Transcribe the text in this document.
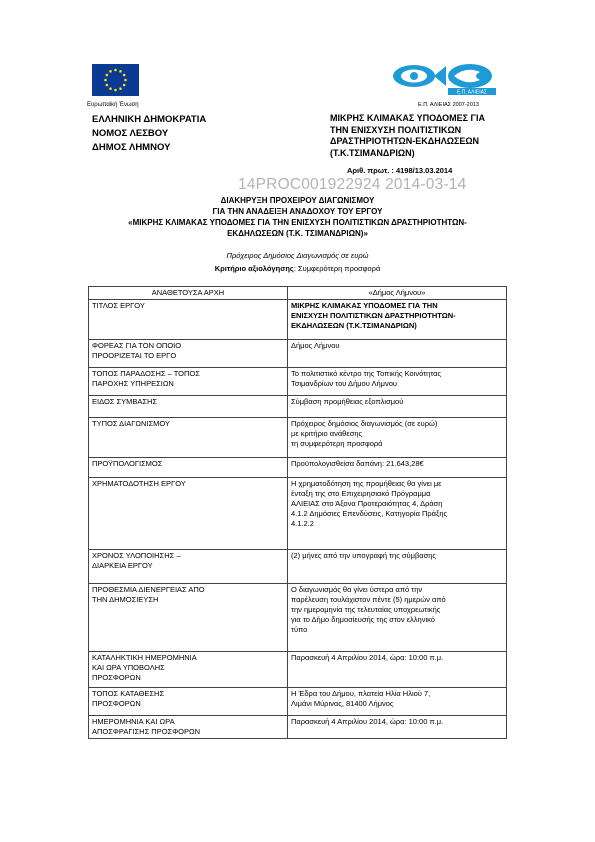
Ευρωπαϊκή Ένωση
ΕΛΛΗΝΙΚΗ ΔΗΜΟΚΡΑΤΙΑ
ΝΟΜΟΣ ΛΕΣΒΟΥ
ΔΗΜΟΣ ΛΗΜΝΟΥ
Ε.Π. ΑΛΙΕΙΑΣ
Ε.Π. ΑΛΙΕΙΑΣ 2007-2013
ΜΙΚΡΗΣ ΚΛΙΜΑΚΑΣ ΥΠΟΔΟΜΕΣ ΓΙΑ
ΤΗΝ ΕΝΙΣΧΥΣΗ ΠΟΛΙΤΙΣΤΙΚΩΝ
ΔΡΑΣΤΗΡΙΟΤΗΤΩΝ-ΕΚΔΗΛΩΣΕΩΝ
(Τ.Κ.ΤΣΙΜΑΝΔΡΙΩΝ)
Αριθ. πρωτ. : 4198/13.03.2014
14PROC001922924 2014-03-14
ΔΙΑΚΗΡΥΞΗ ΠΡΟΧΕΙΡΟΥ ΔΙΑΓΩΝΙΣΜΟΥ
ΓΙΑ ΤΗΝ ΑΝΑΔΕΙΞΗ ΑΝΑΔΟΧΟΥ ΤΟΥ ΕΡΓΟΥ
«ΜΙΚΡΗΣ ΚΛΙΜΑΚΑΣ ΥΠΟΔΟΜΕΣ ΓΙΑ ΤΗΝ ΕΝΙΣΧΥΣΗ ΠΟΛΙΤΙΣΤΙΚΩΝ ΔΡΑΣΤΗΡΙΟΤΗΤΩΝ-
ΕΚΔΗΛΩΣΕΩΝ (Τ.Κ. ΤΣΙΜΑΝΔΡΙΩΝ)»
Πρόχειρος Δημόσιος Διαγωνισμός σε ευρώ
Κριτήριο αξιολόγησης: Συμφερότερη προσφορά
ΑΝΑΘΕΤΟΥΣΑ ΑΡΧΗ	«Δήμος Λήμνου»

ΤΙΤΛΟΣ ΕΡΓΟΥ	ΜΙΚΡΗΣ ΚΛΙΜΑΚΑΣ ΥΠΟΔΟΜΕΣ ΓΙΑ ΤΗΝ
ΕΝΙΣΧΥΣΗ ΠΟΛΙΤΙΣΤΙΚΩΝ ΔΡΑΣΤΗΡΙΟΤΗΤΩΝ-
ΕΚΔΗΛΩΣΕΩΝ (Τ.Κ.ΤΣΙΜΑΝΔΡΙΩΝ)

ΦΟΡΕΑΣ ΓΙΑ ΤΟΝ ΟΠΟΙΟ
ΠΡΟΟΡΙΖΕΤΑΙ ΤΟ ΕΡΓΟ	Δήμος Λήμνου

ΤΟΠΟΣ ΠΑΡΑΔΟΣΗΣ – ΤΟΠΟΣ
ΠΑΡΟΧΗΣ ΥΠΗΡΕΣΙΩΝ	Το πολιτιστικό κέντρο της Τοπικής Κοινότητας
Τσιμανδρίων του Δήμου Λήμνου

ΕΙΔΟΣ ΣΥΜΒΑΣΗΣ	Σύμβαση προμήθειας εξοπλισμού

ΤΥΠΟΣ ΔΙΑΓΩΝΙΣΜΟΥ	Πρόχειρος δημόσιος διαγωνισμός (σε ευρώ)
με κριτήριο ανάθεσης
τη συμφερότερη προσφορά

ΠΡΟΫΠΟΛΟΓΙΣΜΟΣ	Προϋπολογισθείσα δαπάνη: 21.643,28€

ΧΡΗΜΑΤΟΔΟΤΗΣΗ ΕΡΓΟΥ	Η χρηματοδότηση της προμήθειας θα γίνει με
ένταξη της στο Επιχειρησιακό Πρόγραμμα
ΑΛΙΕΙΑΣ στο Άξονα Προτεραιότητας 4, Δράση
4.1.2 Δημόσιες Επενδύσεις, Κατηγορία Πράξης
4.1.2.2

ΧΡΟΝΟΣ ΥΛΟΠΟΙΗΣΗΣ –
ΔΙΑΡΚΕΙΑ ΕΡΓΟΥ	(2) μήνες από την υπογραφή της σύμβασης

ΠΡΟΘΕΣΜΙΑ ΔΙΕΝΕΡΓΕΙΑΣ ΑΠΟ
ΤΗΝ ΔΗΜΟΣΙΕΥΣΗ	Ο διαγωνισμός θα γίνει ύστερα από την
παρέλευση τουλάχιστον πέντε (5) ημερών από
την ημερομηνία της τελευταίας υποχρεωτικής
για το Δήμο δημοσίευσής της στον ελληνικό
τύπο

ΚΑΤΑΛΗΚΤΙΚΗ ΗΜΕΡΟΜΗΝΙΑ
ΚΑΙ ΩΡΑ ΥΠΟΒΟΛΗΣ
ΠΡΟΣΦΟΡΩΝ	Παρασκευή 4 Απριλίου 2014, ώρα: 10:00 π.μ.

ΤΟΠΟΣ ΚΑΤΑΘΕΣΗΣ
ΠΡΟΣΦΟΡΩΝ	Η Έδρα του Δήμου, πλατεία Ηλία Ηλιού 7,
Λιμάνι Μύρινας, 81400 Λήμνος

ΗΜΕΡΟΜΗΝΙΑ ΚΑΙ ΩΡΑ
ΑΠΟΣΦΡΑΓΙΣΗΣ ΠΡΟΣΦΟΡΩΝ	Παρασκευή 4 Απριλίου 2014, ώρα: 10:00 π.μ.
